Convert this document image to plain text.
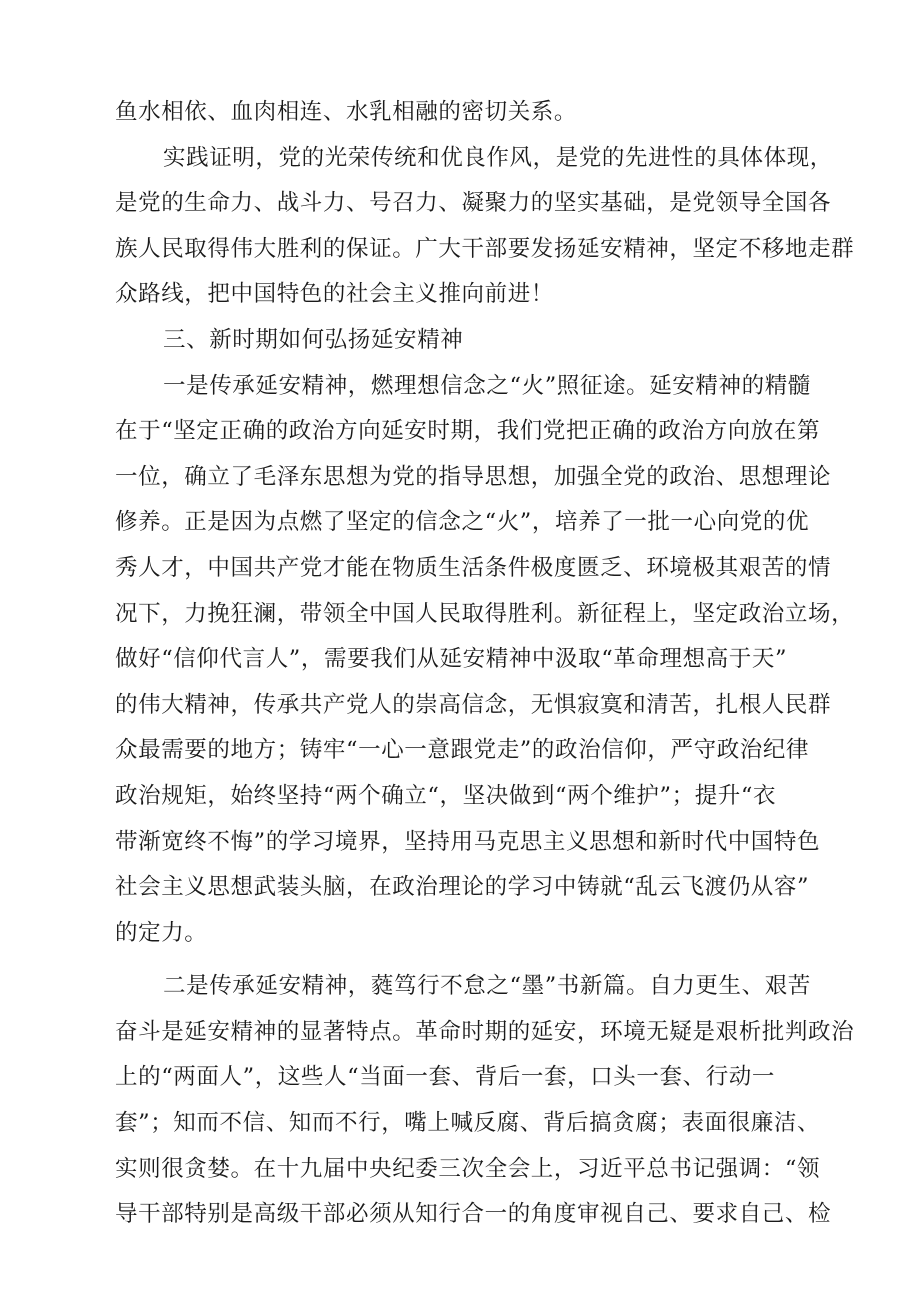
鱼水相依、血肉相连、水乳相融的密切关系。
实践证明，党的光荣传统和优良作风，是党的先进性的具体体现，
是党的生命力、战斗力、号召力、凝聚力的坚实基础，是党领导全国各
族人民取得伟大胜利的保证。广大干部要发扬延安精神，坚定不移地走群
众路线，把中国特色的社会主义推向前进！
三、新时期如何弘扬延安精神
一是传承延安精神，燃理想信念之“火”照征途。延安精神的精髓
在于“坚定正确的政治方向延安时期，我们党把正确的政治方向放在第
一位，确立了毛泽东思想为党的指导思想，加强全党的政治、思想理论
修养。正是因为点燃了坚定的信念之“火”，培养了一批一心向党的优
秀人才，中国共产党才能在物质生活条件极度匮乏、环境极其艰苦的情
况下，力挽狂澜，带领全中国人民取得胜利。新征程上，坚定政治立场，
做好“信仰代言人”，需要我们从延安精神中汲取“革命理想高于天”
的伟大精神，传承共产党人的崇高信念，无惧寂寞和清苦，扎根人民群
众最需要的地方；铸牢“一心一意跟党走”的政治信仰，严守政治纪律
政治规矩，始终坚持“两个确立“，坚决做到“两个维护”；提升“衣
带渐宽终不悔”的学习境界，坚持用马克思主义思想和新时代中国特色
社会主义思想武装头脑，在政治理论的学习中铸就“乱云飞渡仍从容”
的定力。
二是传承延安精神，蕤笃行不怠之“墨”书新篇。自力更生、艰苦
奋斗是延安精神的显著特点。革命时期的延安，环境无疑是艰析批判政治
上的“两面人”，这些人“当面一套、背后一套，口头一套、行动一
套”；知而不信、知而不行，嘴上喊反腐、背后搞贪腐；表面很廉洁、
实则很贪婪。在十九届中央纪委三次全会上，习近平总书记强调：“领
导干部特别是高级干部必须从知行合一的角度审视自己、要求自己、检
